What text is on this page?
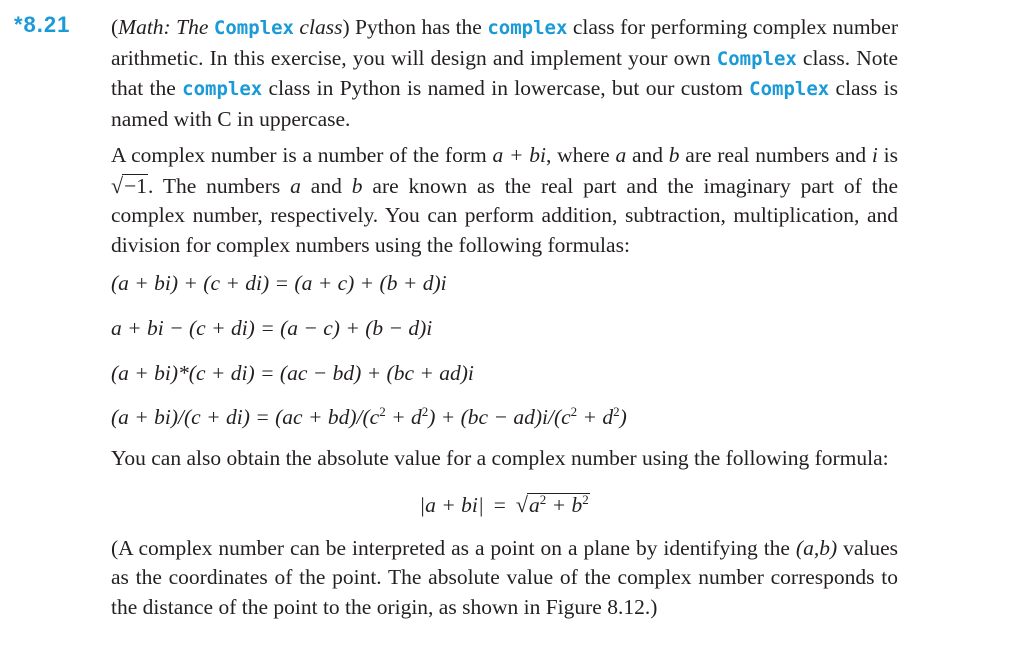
*8.21 (Math: The Complex class) Python has the complex class for performing complex number arithmetic. In this exercise, you will design and implement your own Complex class. Note that the complex class in Python is named in lowercase, but our custom Complex class is named with C in uppercase.

A complex number is a number of the form a + bi, where a and b are real numbers and i is √−1. The numbers a and b are known as the real part and the imaginary part of the complex number, respectively. You can perform addition, subtraction, multiplication, and division for complex numbers using the following formulas:

(a + bi) + (c + di) = (a + c) + (b + d)i

a + bi − (c + di) = (a − c) + (b − d)i

(a + bi)*(c + di) = (ac − bd) + (bc + ad)i

$(a + bi)/(c + di) = (ac + bd)/(c^2 + d^2) + (bc - ad)i/(c^2 + d^2)$

You can also obtain the absolute value for a complex number using the following formula:

$|a + bi| = √a^2 + b^2$

(A complex number can be interpreted as a point on a plane by identifying the (a,b) values as the coordinates of the point. The absolute value of the complex number corresponds to the distance of the point to the origin, as shown in Figure 8.12.)
